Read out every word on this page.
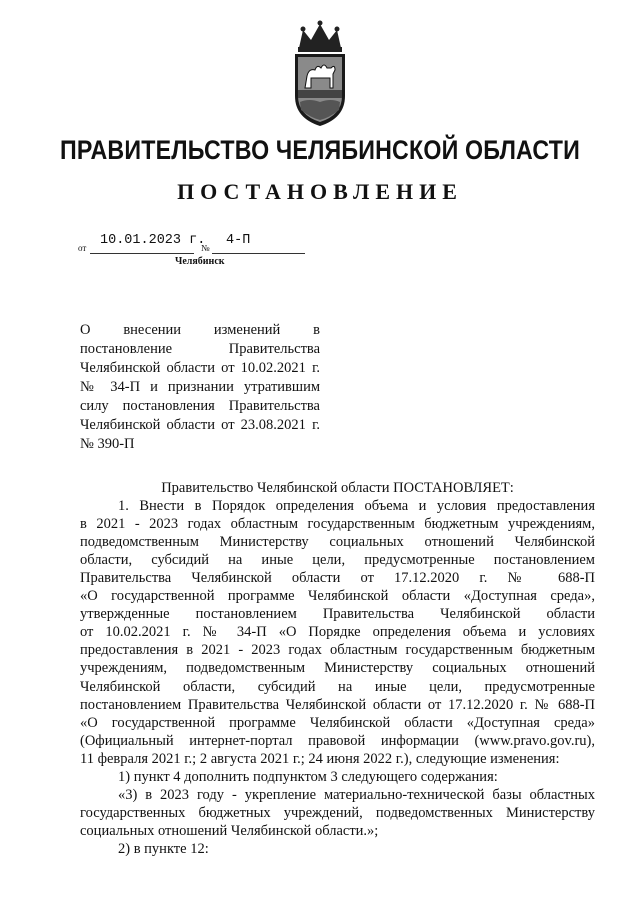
ПРАВИТЕЛЬСТВО ЧЕЛЯБИНСКОЙ ОБЛАСТИ
ПОСТАНОВЛЕНИЕ
от 10.01.2023 г.
№ 4-П
Челябинск
О внесении изменений в
постановление Правительства
Челябинской области от 10.02.2021 г.
№ 34-П и признании утратившим
силу постановления Правительства
Челябинской области от 23.08.2021 г.
№ 390-П
Правительство Челябинской области ПОСТАНОВЛЯЕТ:
1. Внести в Порядок определения объема и условия предоставления
в 2021 - 2023 годах областным государственным бюджетным учреждениям,
подведомственным Министерству социальных отношений Челябинской
области, субсидий на иные цели, предусмотренные постановлением
Правительства Челябинской области от 17.12.2020 г. № 688-П
«О государственной программе Челябинской области «Доступная среда»,
утвержденные постановлением Правительства Челябинской области
от 10.02.2021 г. № 34-П «О Порядке определения объема и условиях
предоставления в 2021 - 2023 годах областным государственным бюджетным
учреждениям, подведомственным Министерству социальных отношений
Челябинской области, субсидий на иные цели, предусмотренные
постановлением Правительства Челябинской области от 17.12.2020 г. № 688-П
«О государственной программе Челябинской области «Доступная среда»
(Официальный интернет-портал правовой информации (www.pravo.gov.ru),
11 февраля 2021 г.; 2 августа 2021 г.; 24 июня 2022 г.), следующие изменения:
1) пункт 4 дополнить подпунктом 3 следующего содержания:
«3) в 2023 году - укрепление материально-технической базы областных
государственных бюджетных учреждений, подведомственных Министерству
социальных отношений Челябинской области.»;
2) в пункте 12:
